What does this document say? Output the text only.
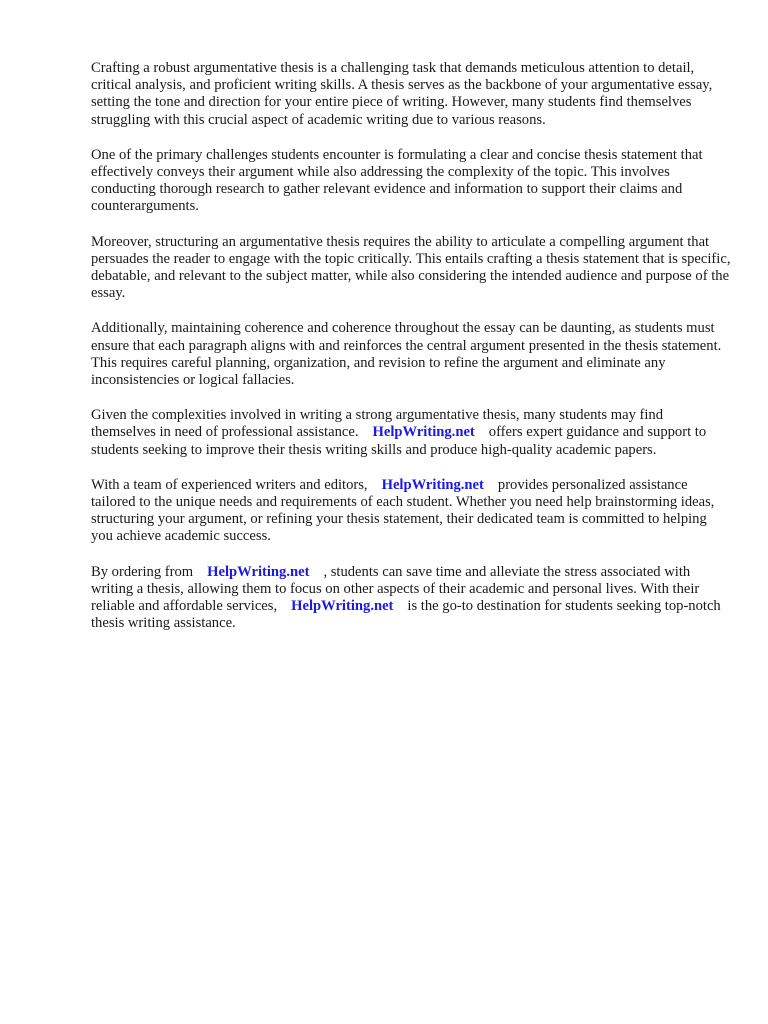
Crafting a robust argumentative thesis is a challenging task that demands meticulous attention to detail, critical analysis, and proficient writing skills. A thesis serves as the backbone of your argumentative essay, setting the tone and direction for your entire piece of writing. However, many students find themselves struggling with this crucial aspect of academic writing due to various reasons.

One of the primary challenges students encounter is formulating a clear and concise thesis statement that effectively conveys their argument while also addressing the complexity of the topic. This involves conducting thorough research to gather relevant evidence and information to support their claims and counterarguments.

Moreover, structuring an argumentative thesis requires the ability to articulate a compelling argument that persuades the reader to engage with the topic critically. This entails crafting a thesis statement that is specific, debatable, and relevant to the subject matter, while also considering the intended audience and purpose of the essay.

Additionally, maintaining coherence and coherence throughout the essay can be daunting, as students must ensure that each paragraph aligns with and reinforces the central argument presented in the thesis statement. This requires careful planning, organization, and revision to refine the argument and eliminate any inconsistencies or logical fallacies.

Given the complexities involved in writing a strong argumentative thesis, many students may find themselves in need of professional assistance. HelpWriting.net offers expert guidance and support to students seeking to improve their thesis writing skills and produce high-quality academic papers.

With a team of experienced writers and editors, HelpWriting.net provides personalized assistance tailored to the unique needs and requirements of each student. Whether you need help brainstorming ideas, structuring your argument, or refining your thesis statement, their dedicated team is committed to helping you achieve academic success.

By ordering from HelpWriting.net , students can save time and alleviate the stress associated with writing a thesis, allowing them to focus on other aspects of their academic and personal lives. With their reliable and affordable services, HelpWriting.net is the go-to destination for students seeking top-notch thesis writing assistance.
